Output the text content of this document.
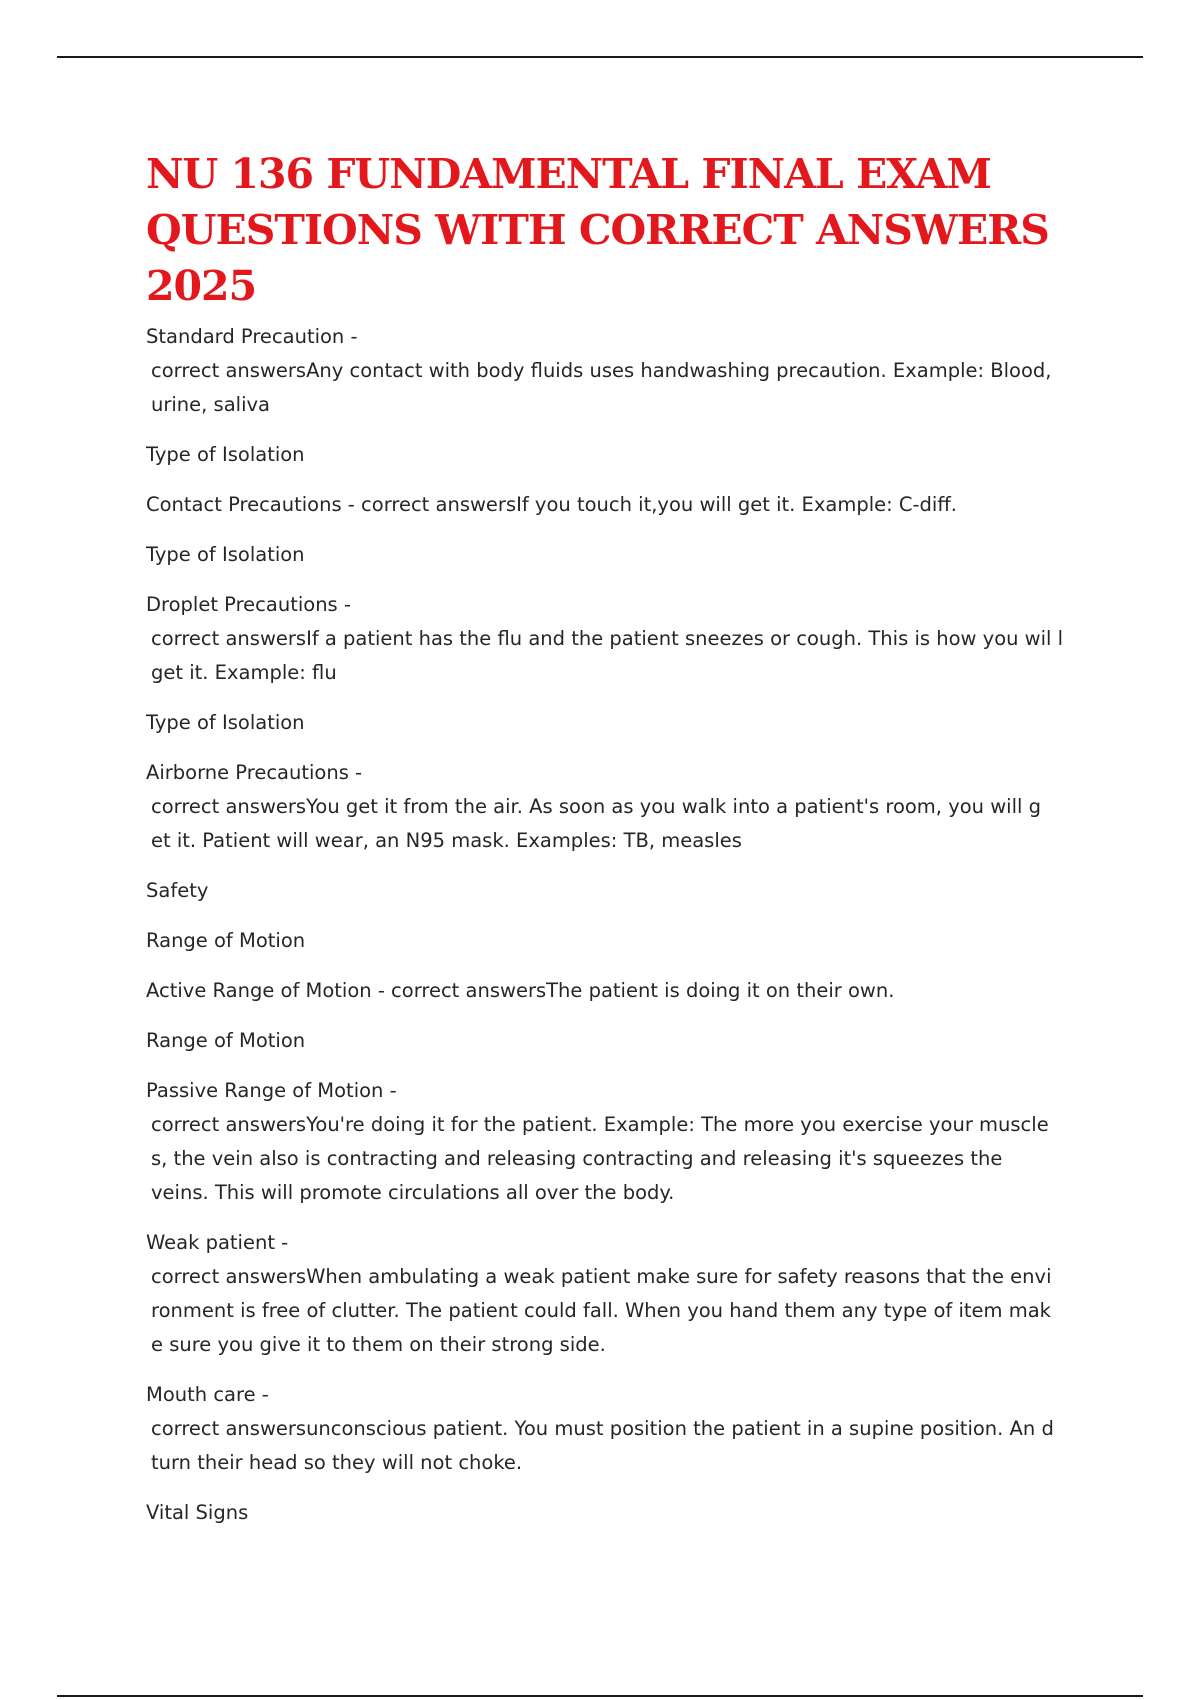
NU 136 FUNDAMENTAL FINAL EXAM QUESTIONS WITH CORRECT ANSWERS 2025
Standard Precaution -
correct answersAny contact with body fluids uses handwashing precaution. Example: Blood, urine, saliva
Type of Isolation
Contact Precautions - correct answersIf you touch it,you will get it. Example: C-diff.
Type of Isolation
Droplet Precautions -
correct answersIf a patient has the flu and the patient sneezes or cough. This is how you wil l get it. Example: flu
Type of Isolation
Airborne Precautions -
correct answersYou get it from the air. As soon as you walk into a patient's room, you will g et it. Patient will wear, an N95 mask. Examples: TB, measles
Safety
Range of Motion
Active Range of Motion - correct answersThe patient is doing it on their own.
Range of Motion
Passive Range of Motion -
correct answersYou're doing it for the patient. Example: The more you exercise your muscle s, the vein also is contracting and releasing contracting and releasing it's squeezes the veins. This will promote circulations all over the body.
Weak patient -
correct answersWhen ambulating a weak patient make sure for safety reasons that the envi ronment is free of clutter. The patient could fall. When you hand them any type of item mak e sure you give it to them on their strong side.
Mouth care -
correct answersunconscious patient. You must position the patient in a supine position. An d turn their head so they will not choke.
Vital Signs
